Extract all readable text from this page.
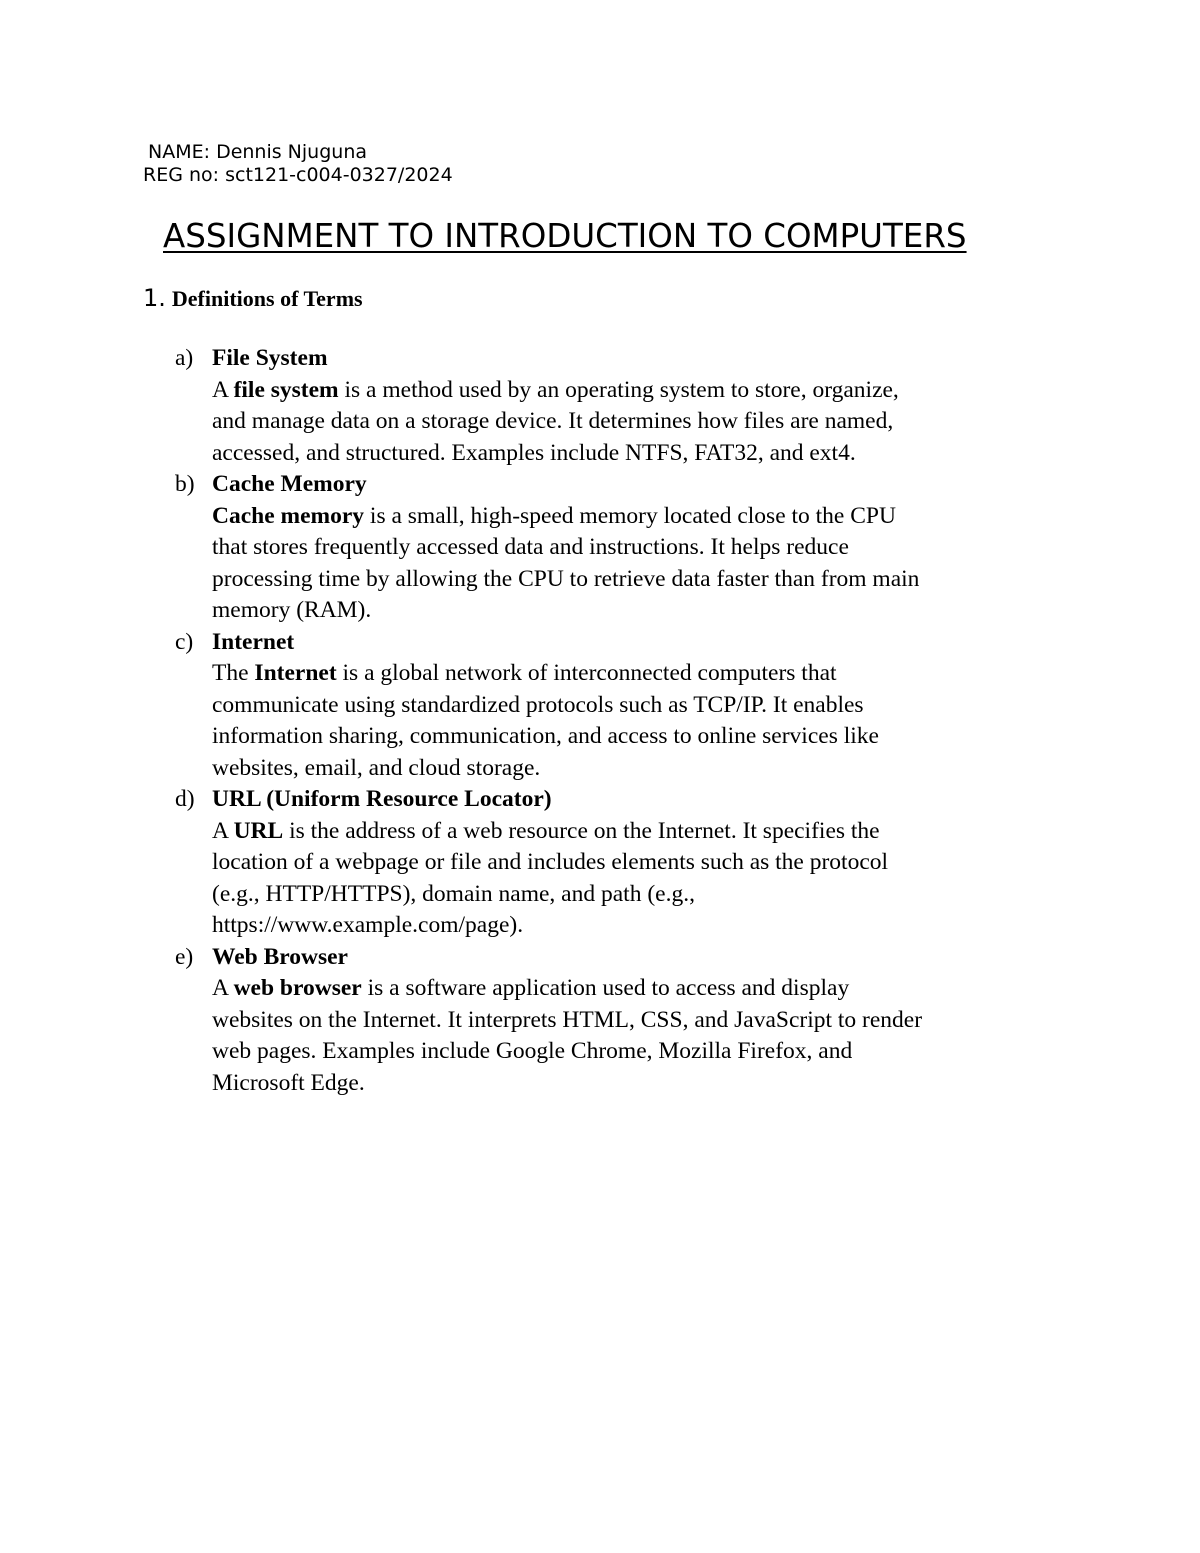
NAME: Dennis Njuguna
REG no: sct121-c004-0327/2024
ASSIGNMENT TO INTRODUCTION TO COMPUTERS
1. Definitions of Terms
a) File System
A file system is a method used by an operating system to store, organize,
and manage data on a storage device. It determines how files are named,
accessed, and structured. Examples include NTFS, FAT32, and ext4.
b) Cache Memory
Cache memory is a small, high-speed memory located close to the CPU
that stores frequently accessed data and instructions. It helps reduce
processing time by allowing the CPU to retrieve data faster than from main
memory (RAM).
c) Internet
The Internet is a global network of interconnected computers that
communicate using standardized protocols such as TCP/IP. It enables
information sharing, communication, and access to online services like
websites, email, and cloud storage.
d) URL (Uniform Resource Locator)
A URL is the address of a web resource on the Internet. It specifies the
location of a webpage or file and includes elements such as the protocol
(e.g., HTTP/HTTPS), domain name, and path (e.g.,
https://www.example.com/page).
e) Web Browser
A web browser is a software application used to access and display
websites on the Internet. It interprets HTML, CSS, and JavaScript to render
web pages. Examples include Google Chrome, Mozilla Firefox, and
Microsoft Edge.
